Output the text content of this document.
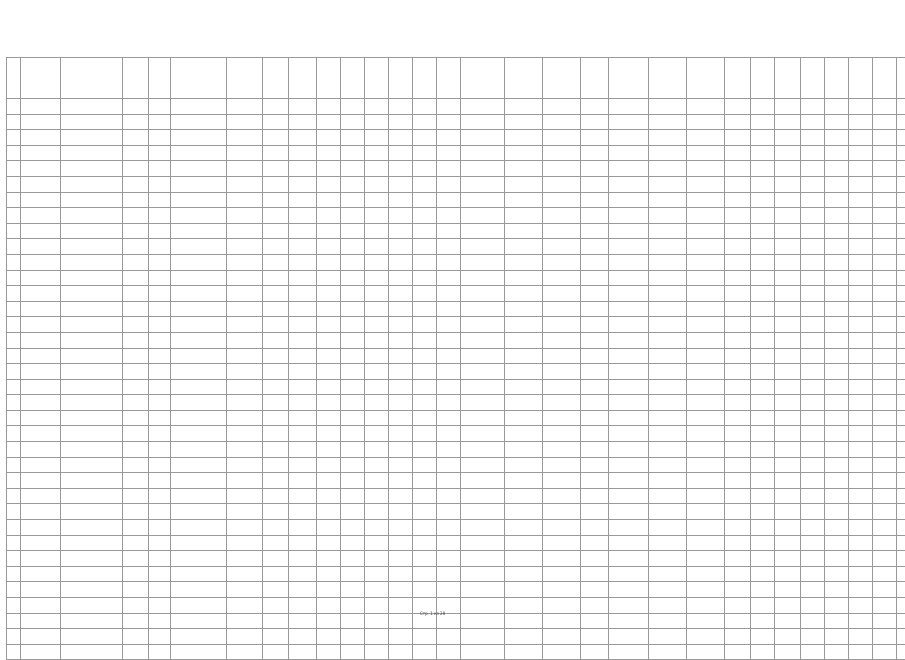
Стр. 1 из 28
